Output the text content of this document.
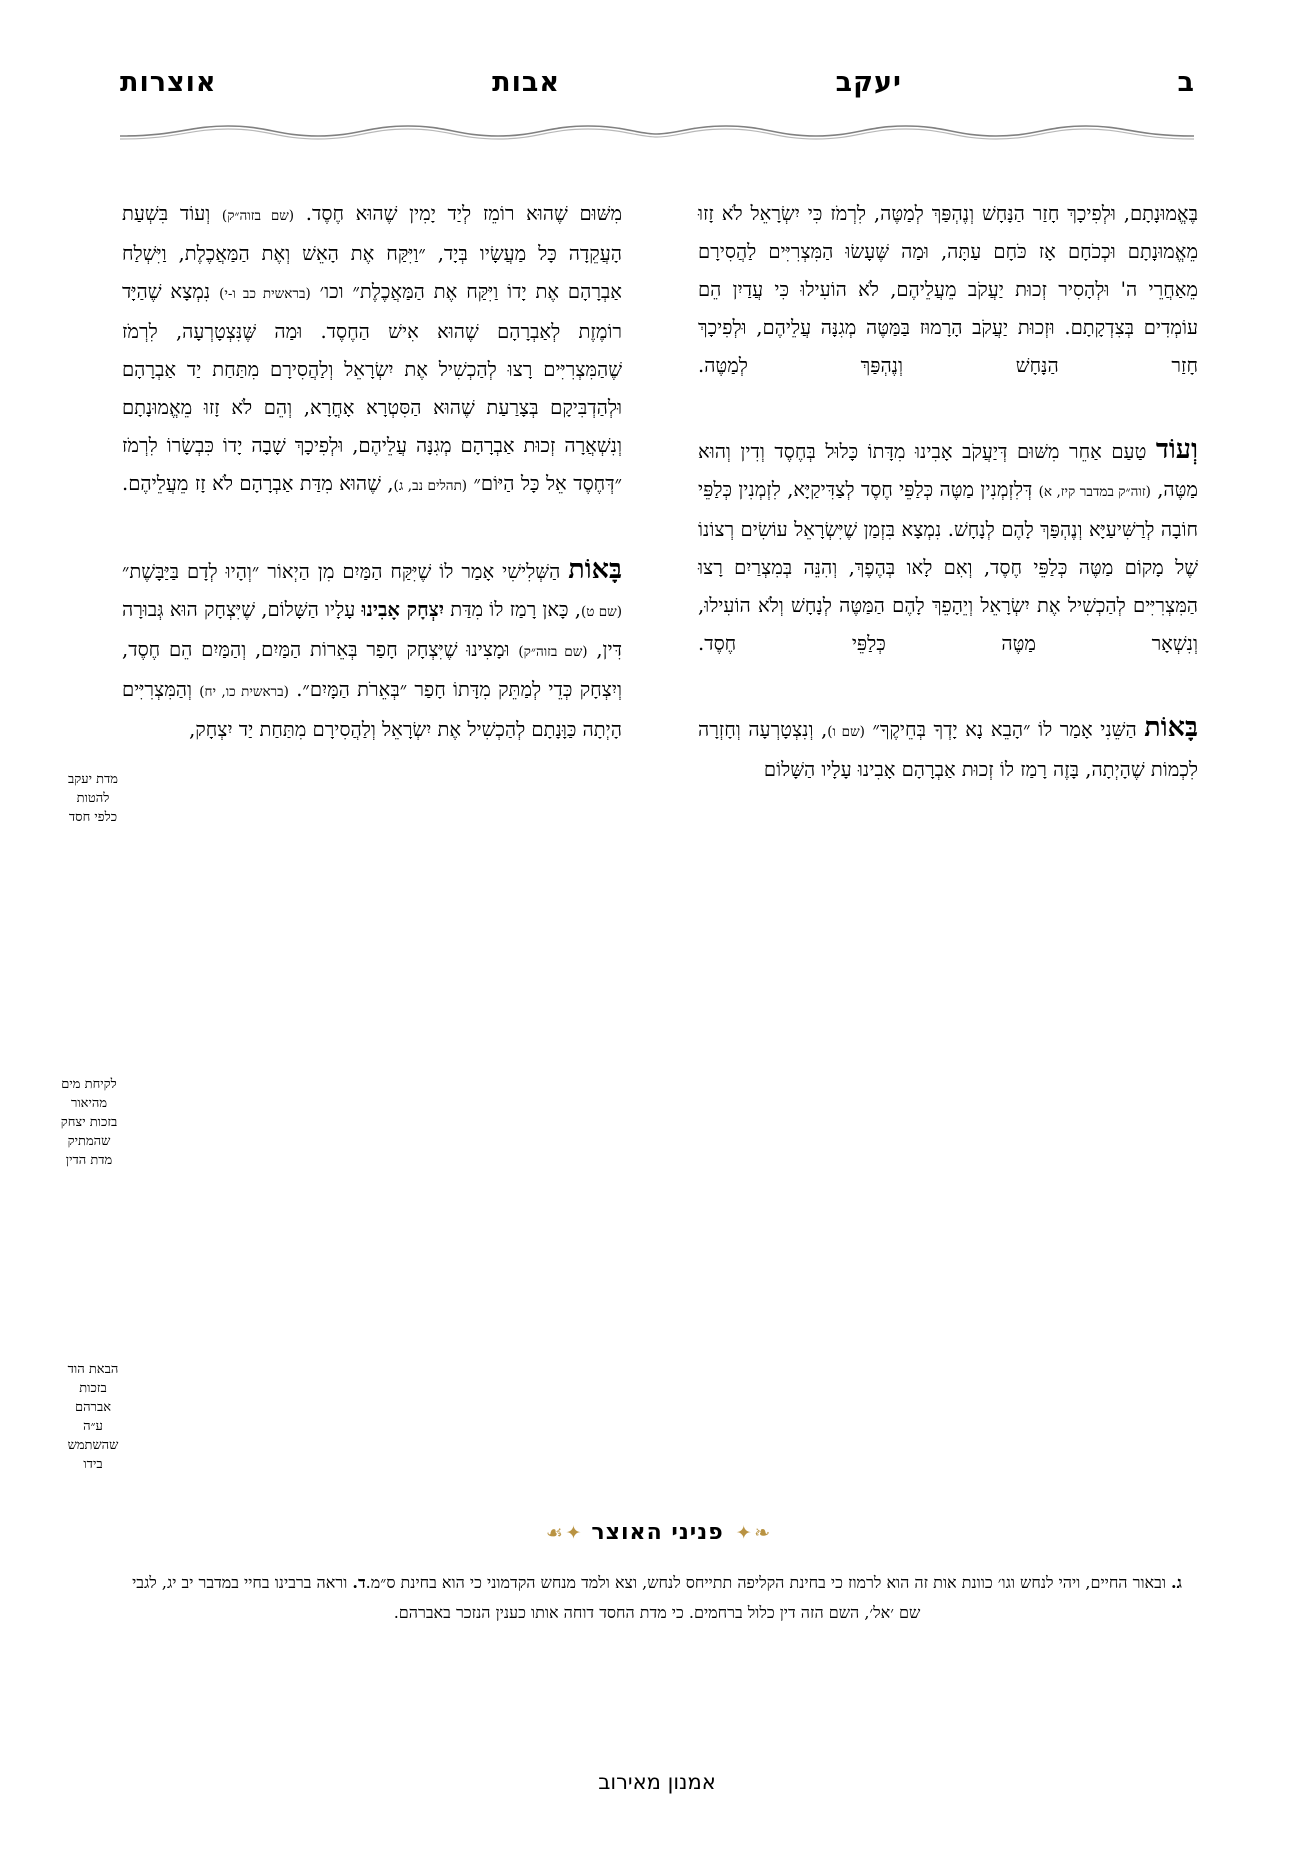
ב
יעקב
אבות
אוצרות

בֶּאֱמוּנָתָם, וּלְפִיכָךְ חָזַר הַנָּחָשׁ וְנֶהְפַּךְ לְמַטֶּה, לִרְמֹז כִּי יִשְׂרָאֵל לֹא זָזוּ מֵאֱמוּנָתָם וּכְכֹחָם אָז כֹּחָם עַתָּה, וּמַה שֶּׁעָשׂוּ הַמִּצְרִיִּים לַהֲסִירָם מֵאַחֲרֵי ה' וּלְהָסִיר זְכוּת יַעֲקֹב מֵעֲלֵיהֶם, לֹא הוֹעִילוּ כִּי עֲדַיִן הֵם עוֹמְדִים בְּצִדְקָתָם. וּזְכוּת יַעֲקֹב הָרָמוּז בַּמַּטֶּה מְגִנָּה עֲלֵיהֶם, וּלְפִיכָךְ חָזַר הַנָּחָשׁ וְנֶהְפַּךְ לְמַטֶּה.

וְעוֹד טַעַם אַחֵר מִשּׁוּם דְּיַעֲקֹב אָבִינוּ מִדָּתוֹ כָּלוּל בְּחֶסֶד וְדִין וְהוּא מַטֶּה, (זוה״ק במדבר קיז, א) דְּלִזְמְנִין מַטֶּה כְּלַפֵּי חֶסֶד לְצַדִּיקַיָּא, לִזְמְנִין כְּלַפֵּי חוֹבָה לְרַשִּׁיעַיָּא וְנֶהְפַּךְ לָהֶם לְנָחָשׁ. נִמְצָא בִּזְמַן שֶׁיִּשְׂרָאֵל עוֹשִׂים רְצוֹנוֹ שֶׁל מָקוֹם מַטֶּה כְּלַפֵּי חֶסֶד, וְאִם לָאו בְּהֶפֶךְ, וְהִנֵּה בְּמִצְרַיִם רָצוּ הַמִּצְרִיִּים לְהַכְשִׁיל אֶת יִשְׂרָאֵל וְיֵהָפֵךְ לָהֶם הַמַּטֶּה לְנָחָשׁ וְלֹא הוֹעִילוּ, וְנִשְׁאָר מַטֶּה כְּלַפֵּי חֶסֶד.

בָּאוֹת הַשֵּׁנִי אָמַר לוֹ ״הָבֵא נָא יָדְךָ בְּחֵיקֶךָ״ (שם ו), וְנִצְטָרְעָה וְחָזְרָה לִכְמוֹת שֶׁהָיְתָה, בָּזֶה רָמַז לוֹ זְכוּת אַבְרָהָם אָבִינוּ עָלָיו הַשָּׁלוֹם

מִשּׁוּם שֶׁהוּא רוֹמֵז לְיַד יָמִין שֶׁהוּא חֶסֶד. (שם בזוה״ק) וְעוֹד בִּשְׁעַת הָעֲקֵדָה כָּל מַעֲשָׂיו בְּיָד, ״וַיִּקַּח אֶת הָאֵשׁ וְאֶת הַמַּאֲכֶלֶת, וַיִּשְׁלַח אַבְרָהָם אֶת יָדוֹ וַיִּקַּח אֶת הַמַּאֲכֶלֶת״ וכו׳ (בראשית כב ו-י) נִמְצָא שֶׁהַיָּד רוֹמֶזֶת לְאַבְרָהָם שֶׁהוּא אִישׁ הַחֶסֶד. וּמַה שֶּׁנִּצְטָרְעָה, לִרְמֹז שֶׁהַמִּצְרִיִּים רָצוּ לְהַכְשִׁיל אֶת יִשְׂרָאֵל וְלַהֲסִירָם מִתַּחַת יַד אַבְרָהָם וּלְהַדְבִּיקָם בְּצָרַעַת שֶׁהוּא הַסִּטְרָא אָחֳרָא, וְהֵם לֹא זָזוּ מֵאֱמוּנָתָם וְנִשְׁאֲרָה זְכוּת אַבְרָהָם מְגִנָּה עֲלֵיהֶם, וּלְפִיכָךְ שָׁבָה יָדוֹ כִּבְשָׂרוֹ לִרְמֹז ״דְּחֶסֶד אֵל כָּל הַיּוֹם״ (תהלים נב, ג), שֶׁהוּא מִדַּת אַבְרָהָם לֹא זָז מֵעֲלֵיהֶם.

בָּאוֹת הַשְּׁלִישִׁי אָמַר לוֹ שֶׁיִּקַּח הַמַּיִם מִן הַיְאוֹר ״וְהָיוּ לְדָם בַּיַּבָּשֶׁת״ (שם ט), כָּאן רָמַז לוֹ מִדַּת יִצְחָק אָבִינוּ עָלָיו הַשָּׁלוֹם, שֶׁיִּצְחָק הוּא גְּבוּרָה דִּין, (שם בזוה״ק) וּמָצִינוּ שֶׁיִּצְחָק חָפַר בְּאֵרוֹת הַמַּיִם, וְהַמַּיִם הֵם חֶסֶד, וְיִצְחָק כְּדֵי לְמַתֵּק מִדָּתוֹ חָפַר ״בְּאֵרֹת הַמָּיִם״. (בראשית כו, יח) וְהַמִּצְרִיִּים הָיְתָה כַּוָּנָתָם לְהַכְשִׁיל אֶת יִשְׂרָאֵל וְלַהֲסִירָם מִתַּחַת יַד יִצְחָק,

מדת יעקב להטות כלפי חסד
הבאת הוד בזכות אברהם ע״ה שהשתמש בידו
לקיחת מים מהיאור בזכות יצחק שהמתיק מדת הדין
❧ ✦פניני האוצר✦ ☙
ג. ובאור החיים, ויהי לנחש וגו׳ כוונת אות זה הוא לרמוז כי בחינת הקליפה תתייחס לנחש, וצא ולמד מנחש הקדמוני כי הוא בחינת ס״מ.ד. וראה ברבינו בחיי במדבר יב יג, לגבי שם ׳אל׳, השם הזה דין כלול ברחמים. כי מדת החסד דוחה אותו כענין הנזכר באברהם.
אמנון מאירוב
